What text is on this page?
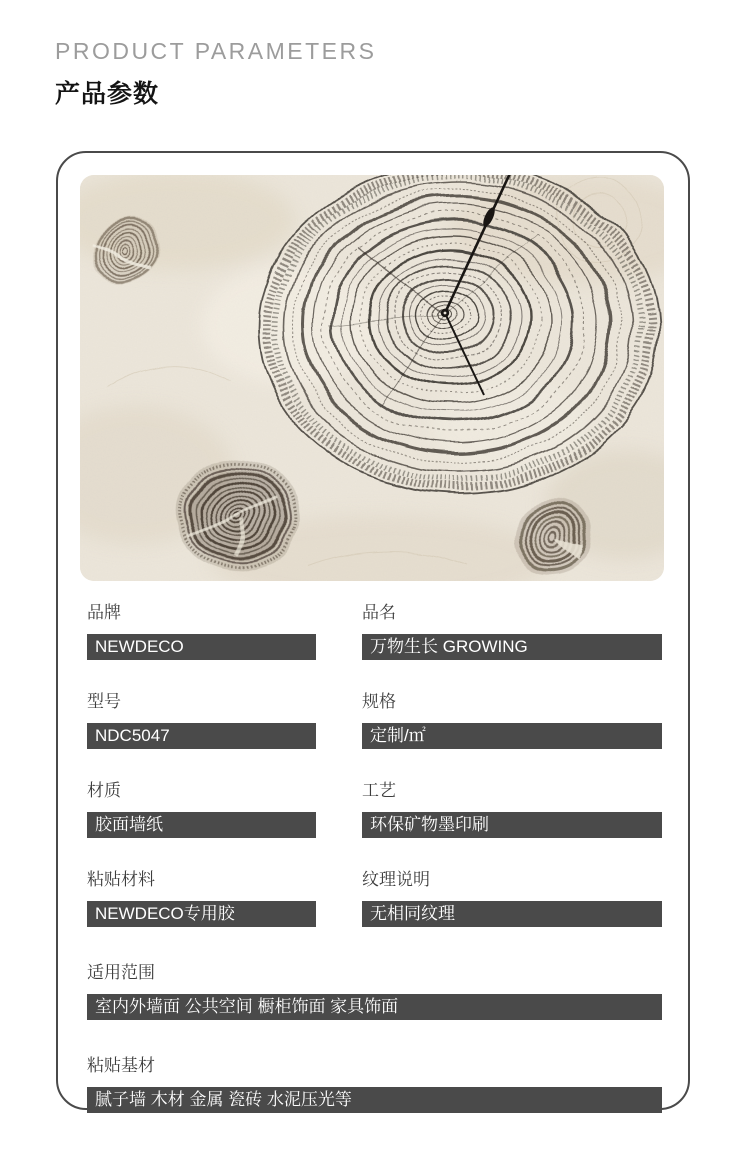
PRODUCT PARAMETERS
产品参数
品牌
NEWDECO
品名
万物生长 GROWING
型号
NDC5047
规格
定制/㎡
材质
胶面墙纸
工艺
环保矿物墨印刷
粘贴材料
NEWDECO专用胶
纹理说明
无相同纹理
适用范围
室内外墙面 公共空间 橱柜饰面 家具饰面
粘贴基材
腻子墙 木材 金属 瓷砖 水泥压光等
